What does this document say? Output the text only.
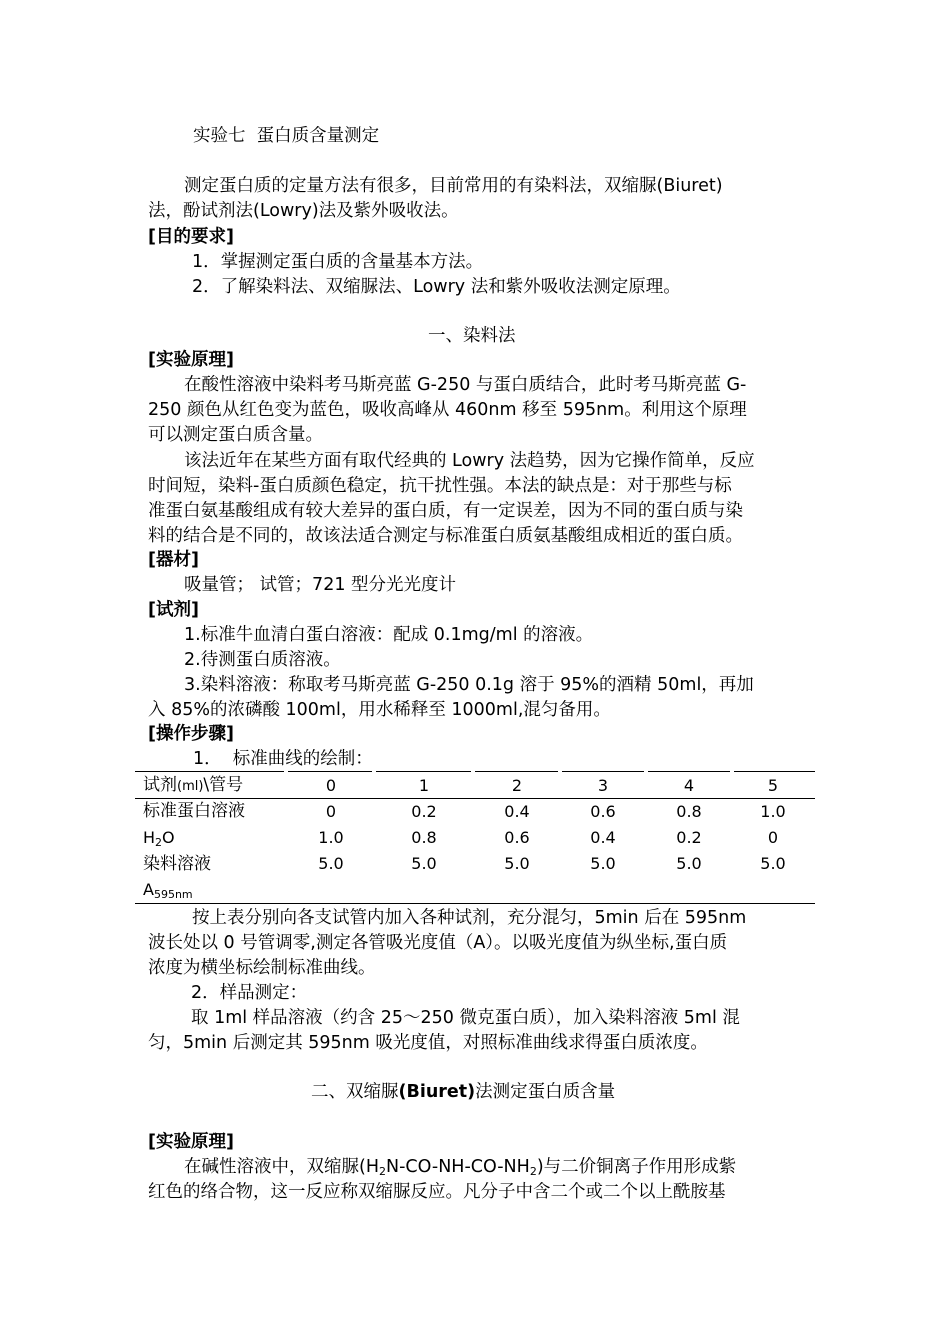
实验七  蛋白质含量测定
测定蛋白质的定量方法有很多，目前常用的有染料法，双缩脲(Biuret)
法，酚试剂法(Lowry)法及紫外吸收法。
[目的要求]
1．掌握测定蛋白质的含量基本方法。
2．了解染料法、双缩脲法、Lowry 法和紫外吸收法测定原理。
一、染料法
[实验原理]
在酸性溶液中染料考马斯亮蓝 G-250 与蛋白质结合，此时考马斯亮蓝 G-
250 颜色从红色变为蓝色，吸收高峰从 460nm 移至 595nm。利用这个原理
可以测定蛋白质含量。
该法近年在某些方面有取代经典的 Lowry 法趋势，因为它操作简单，反应
时间短，染料-蛋白质颜色稳定，抗干扰性强。本法的缺点是：对于那些与标
准蛋白氨基酸组成有较大差异的蛋白质，有一定误差，因为不同的蛋白质与染
料的结合是不同的，故该法适合测定与标准蛋白质氨基酸组成相近的蛋白质。
[器材]
吸量管； 试管；721 型分光光度计
[试剂]
1.标准牛血清白蛋白溶液：配成 0.1mg/ml 的溶液。
2.待测蛋白质溶液。
3.染料溶液：称取考马斯亮蓝 G-250 0.1g 溶于 95%的酒精 50ml，再加
入 85%的浓磷酸 100ml，用水稀释至 1000ml,混匀备用。
[操作步骤]
1．  标准曲线的绘制：
试剂(ml)\管号	0	1	2	3	4	5
标准蛋白溶液	0	0.2	0.4	0.6	0.8	1.0
$H_2O$	1.0	0.8	0.6	0.4	0.2	0
染料溶液	5.0	5.0	5.0	5.0	5.0	5.0
$A_{595nm}$
按上表分别向各支试管内加入各种试剂，充分混匀，5min 后在 595nm
波长处以 0 号管调零,测定各管吸光度值（A）。以吸光度值为纵坐标,蛋白质
浓度为横坐标绘制标准曲线。
2．样品测定：
取 1ml 样品溶液（约含 25～250 微克蛋白质），加入染料溶液 5ml 混
匀，5min 后测定其 595nm 吸光度值，对照标准曲线求得蛋白质浓度。
二、双缩脲(Biuret)法测定蛋白质含量
[实验原理]
在碱性溶液中，双缩脲$(H_2N-CO-NH-CO-NH_2)$与二价铜离子作用形成紫
红色的络合物，这一反应称双缩脲反应。凡分子中含二个或二个以上酰胺基
